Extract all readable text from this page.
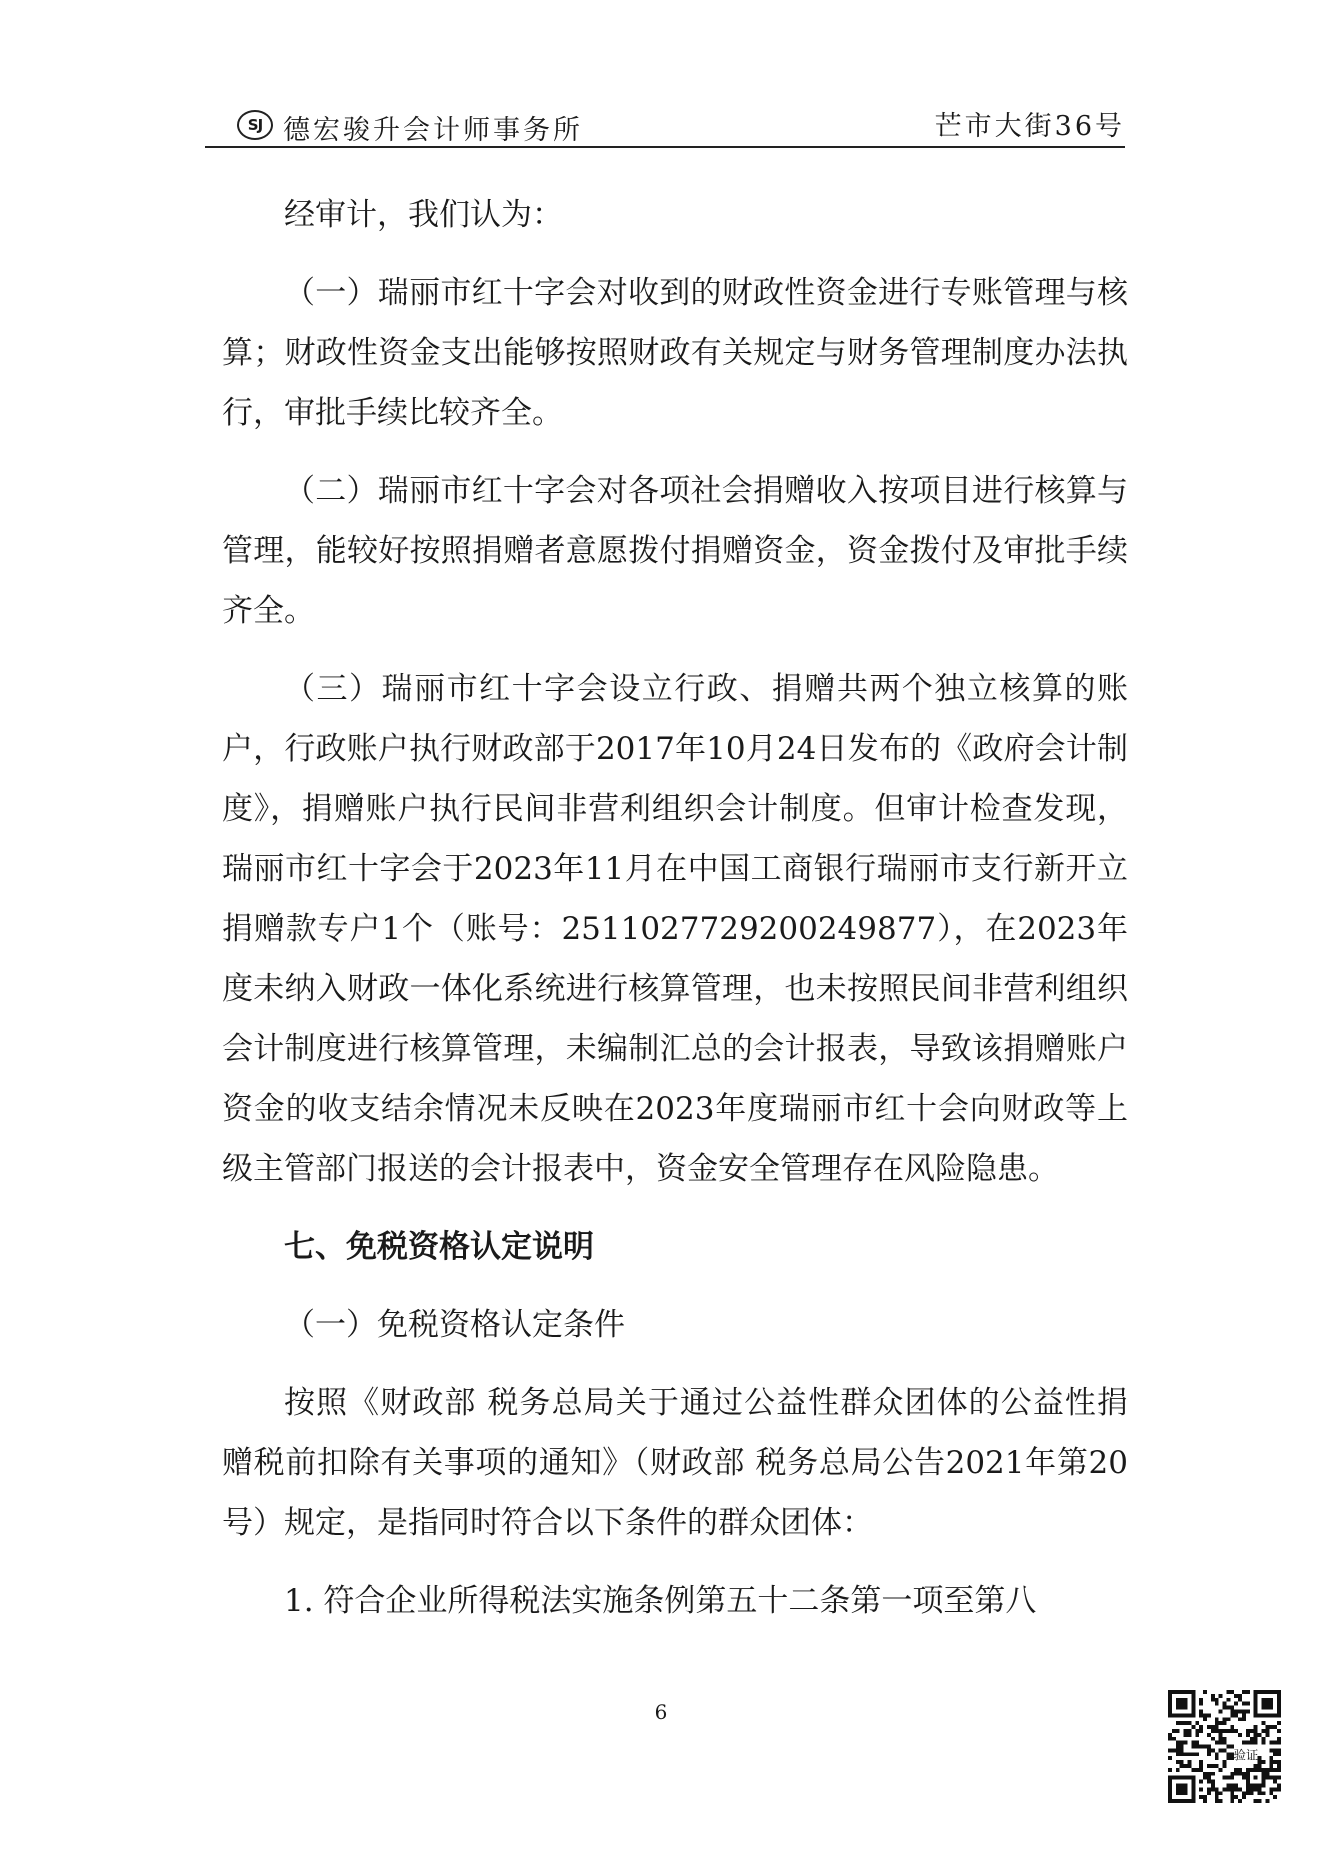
SJ 德宏骏升会计师事务所	芒市大街36号

经审计，我们认为：

（一）瑞丽市红十字会对收到的财政性资金进行专账管理与核算；财政性资金支出能够按照财政有关规定与财务管理制度办法执行，审批手续比较齐全。

（二）瑞丽市红十字会对各项社会捐赠收入按项目进行核算与管理，能较好按照捐赠者意愿拨付捐赠资金，资金拨付及审批手续齐全。

（三）瑞丽市红十字会设立行政、捐赠共两个独立核算的账户，行政账户执行财政部于2017年10月24日发布的《政府会计制度》，捐赠账户执行民间非营利组织会计制度。但审计检查发现，瑞丽市红十字会于2023年11月在中国工商银行瑞丽市支行新开立捐赠款专户1个（账号：2511027729200249877），在2023年度未纳入财政一体化系统进行核算管理，也未按照民间非营利组织会计制度进行核算管理，未编制汇总的会计报表，导致该捐赠账户资金的收支结余情况未反映在2023年度瑞丽市红十会向财政等上级主管部门报送的会计报表中，资金安全管理存在风险隐患。

七、免税资格认定说明

（一）免税资格认定条件

按照《财政部 税务总局关于通过公益性群众团体的公益性捐赠税前扣除有关事项的通知》（财政部 税务总局公告2021年第20号）规定，是指同时符合以下条件的群众团体：

1. 符合企业所得税法实施条例第五十二条第一项至第八

6
验证
